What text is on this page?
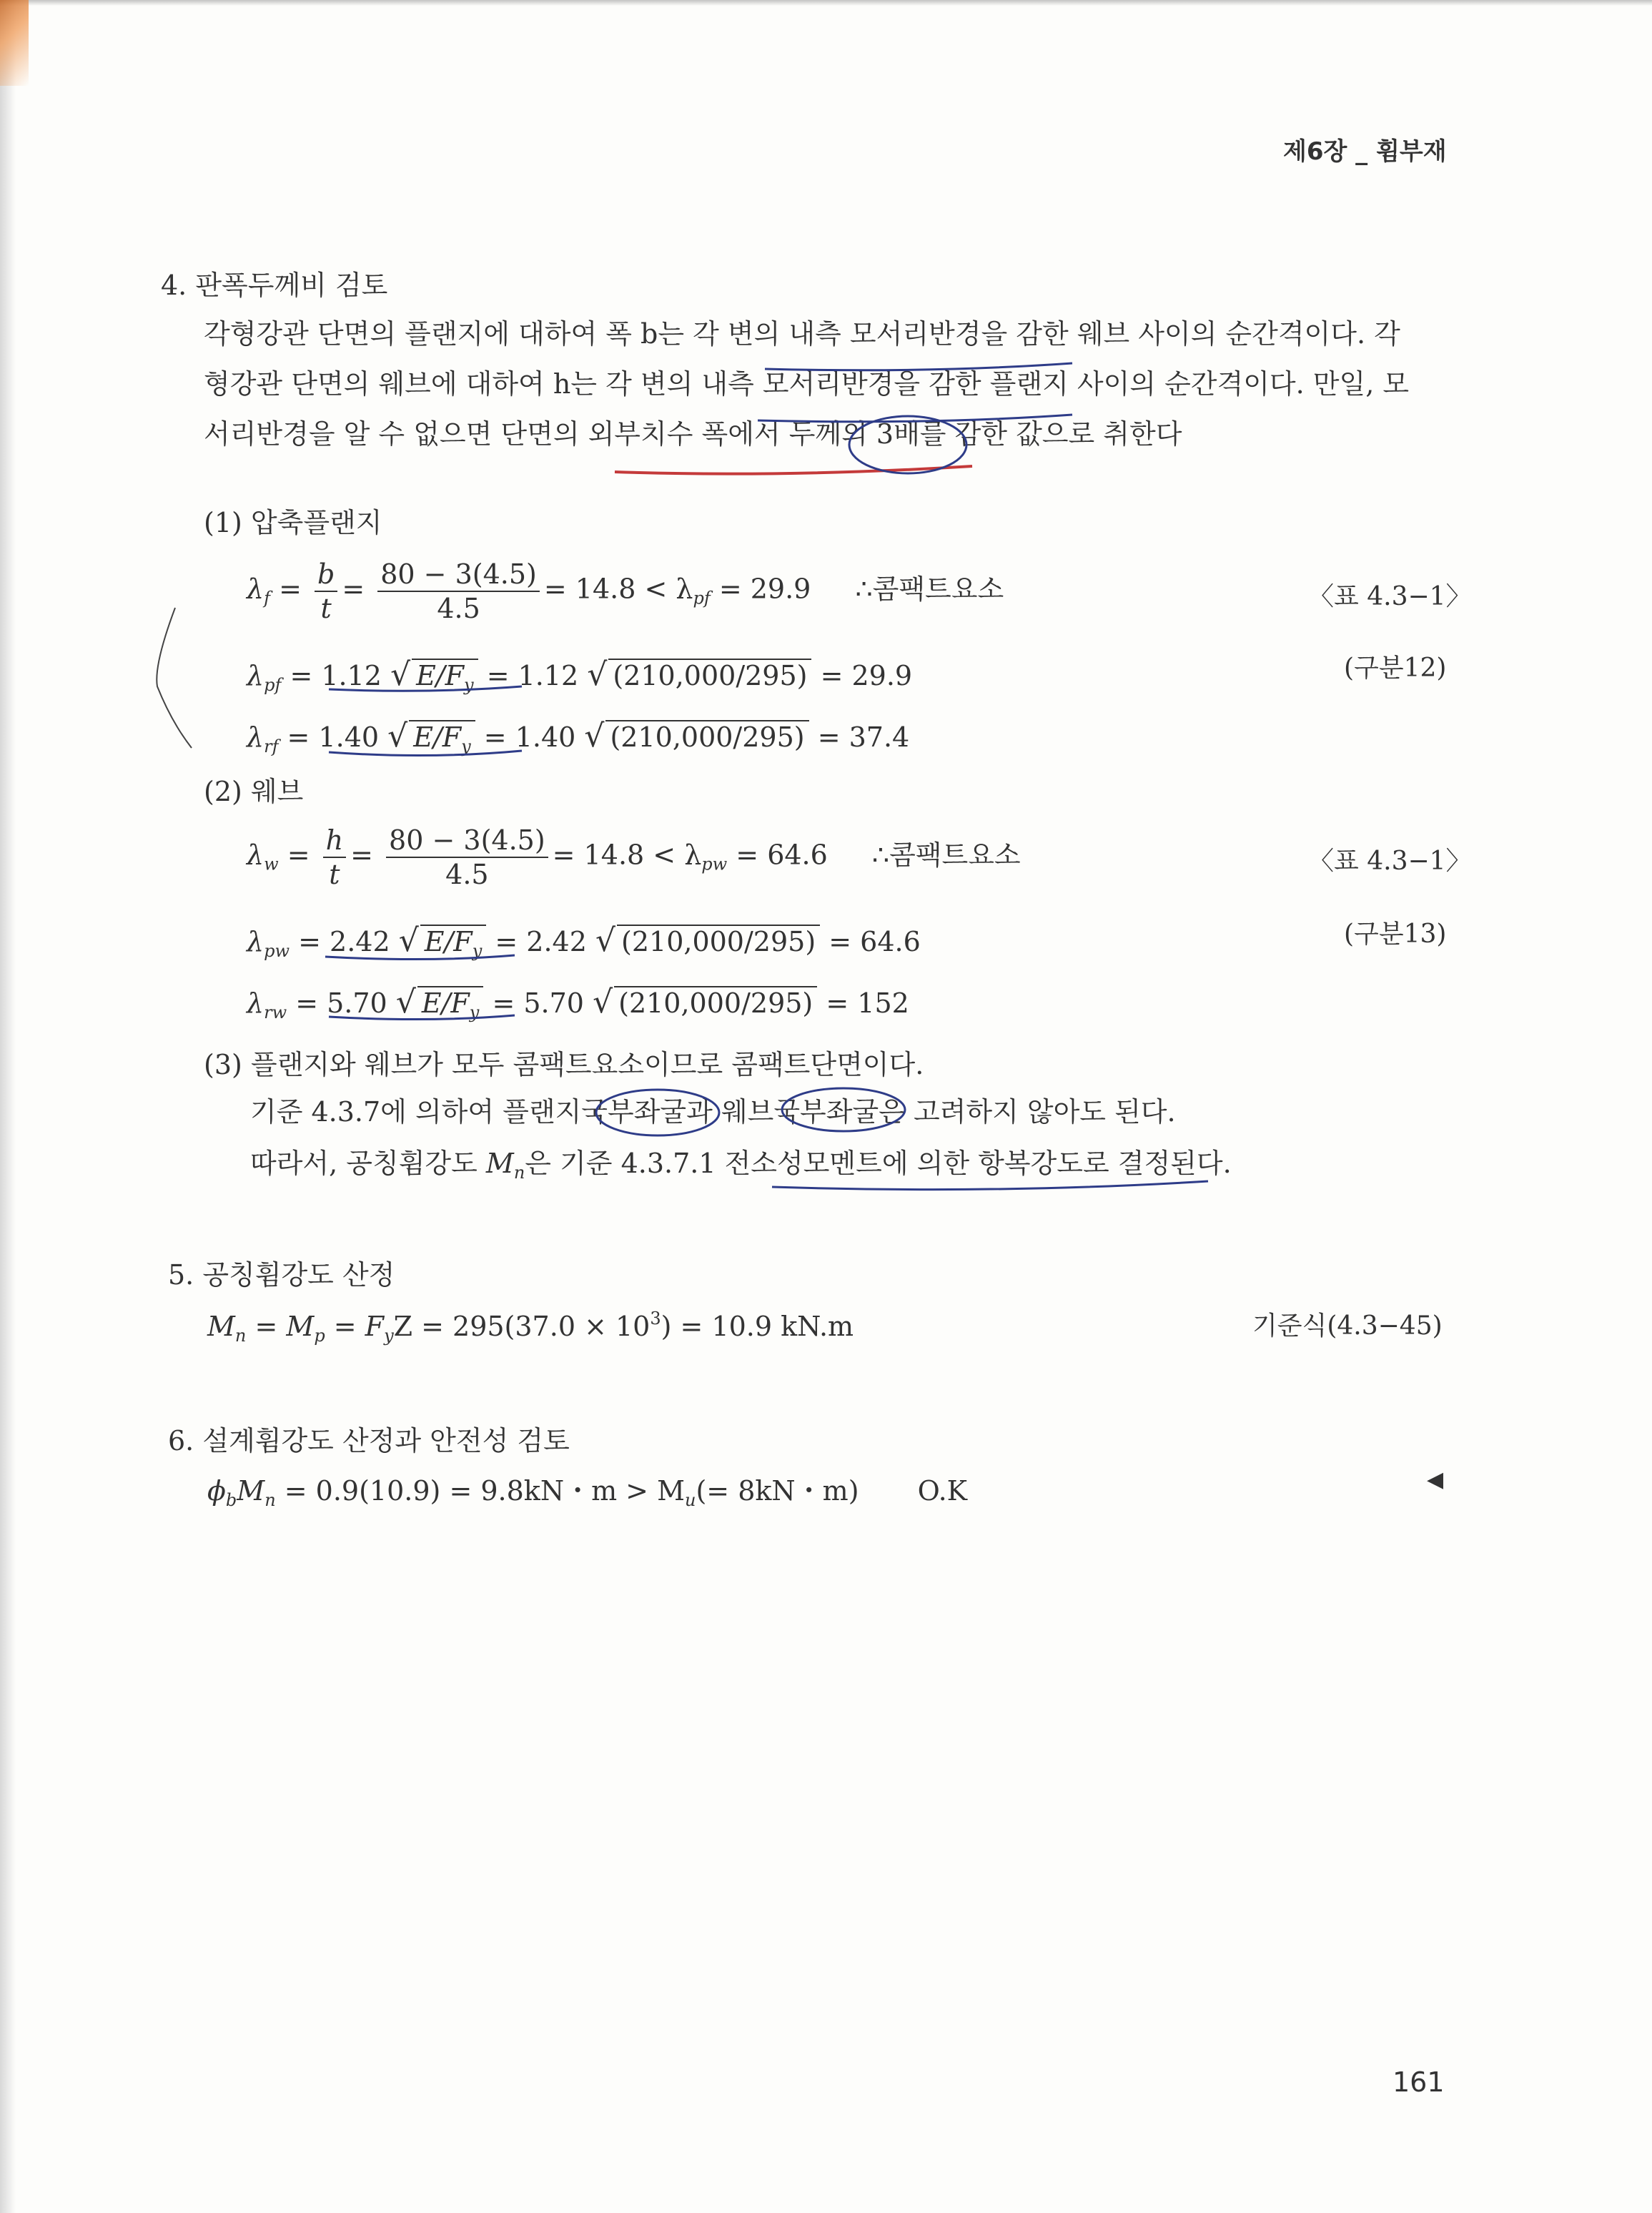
제6장 _ 휨부재
4. 판폭두께비 검토
각형강관 단면의 플랜지에 대하여 폭 b는 각 변의 내측 모서리반경을 감한 웨브 사이의 순간격이다. 각
형강관 단면의 웨브에 대하여 h는 각 변의 내측 모서리반경을 감한 플랜지 사이의 순간격이다. 만일, 모
서리반경을 알 수 없으면 단면의 외부치수 폭에서 두께의 3배를 감한 값으로 취한다
(1) 압축플랜지
$\lambda_f = \frac{b}{t} = \frac{80 - 3(4.5)}{4.5} = 14.8 < \lambda_{pf} = 29.9$ ∴콤팩트요소	〈표 4.3−1〉
$\lambda_{pf} = 1.12$ √ $E/F_y = 1.12$ √ (210,000/295) = 29.9	(구분12)
$\lambda_{rf} = 1.40$ √ $E/F_y = 1.40$ √ (210,000/295) = 37.4
(2) 웨브
$\lambda_w = \frac{h}{t} = \frac{80 - 3(4.5)}{4.5} = 14.8 < \lambda_{pw} = 64.6$ ∴콤팩트요소	〈표 4.3−1〉
$\lambda_{pw} = 2.42$ √ $E/F_y = 2.42$ √ (210,000/295) = 64.6	(구분13)
$\lambda_{rw} = 5.70$ √ $E/F_y = 5.70$ √ (210,000/295) = 152
(3) 플랜지와 웨브가 모두 콤팩트요소이므로 콤팩트단면이다.
기준 4.3.7에 의하여 플랜지국부좌굴과 웨브국부좌굴은 고려하지 않아도 된다.
따라서, 공칭휨강도 $M_n$은 기준 4.3.7.1 전소성모멘트에 의한 항복강도로 결정된다.
5. 공칭휨강도 산정
$M_n = M_p = F_yZ = 295(37.0 \times 10^3) = 10.9$ kN.m	기준식(4.3−45)
6. 설계휨강도 산정과 안전성 검토
$\phi_bM_n = 0.9(10.9) = 9.8kN$・$m > M_u(= 8kN$・m) O.K	◀
161
